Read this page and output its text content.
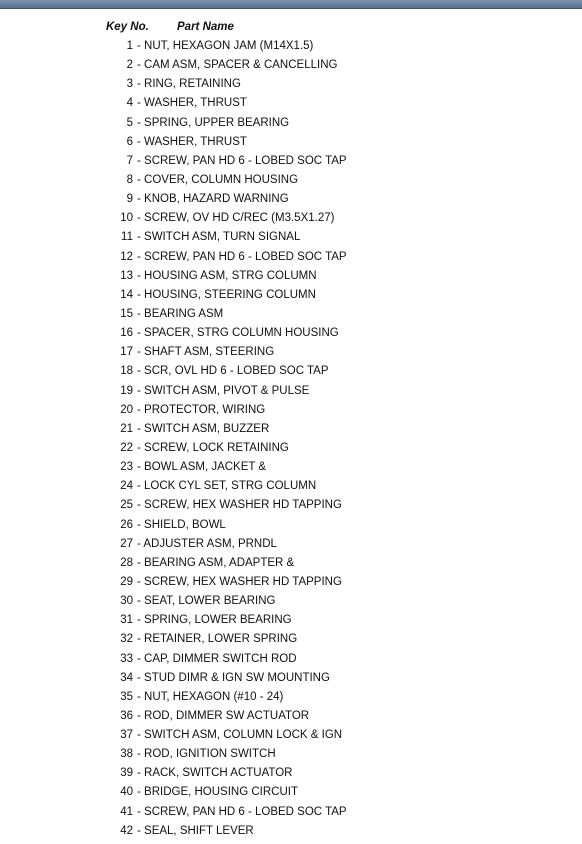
Key No. Part Name
1 - NUT, HEXAGON JAM (M14X1.5)
2 - CAM ASM, SPACER & CANCELLING
3 - RING, RETAINING
4 - WASHER, THRUST
5 - SPRING, UPPER BEARING
6 - WASHER, THRUST
7 - SCREW, PAN HD 6 - LOBED SOC TAP
8 - COVER, COLUMN HOUSING
9 - KNOB, HAZARD WARNING
10 - SCREW, OV HD C/REC (M3.5X1.27)
11 - SWITCH ASM, TURN SIGNAL
12 - SCREW, PAN HD 6 - LOBED SOC TAP
13 - HOUSING ASM, STRG COLUMN
14 - HOUSING, STEERING COLUMN
15 - BEARING ASM
16 - SPACER, STRG COLUMN HOUSING
17 - SHAFT ASM, STEERING
18 - SCR, OVL HD 6 - LOBED SOC TAP
19 - SWITCH ASM, PIVOT & PULSE
20 - PROTECTOR, WIRING
21 - SWITCH ASM, BUZZER
22 - SCREW, LOCK RETAINING
23 - BOWL ASM, JACKET &
24 - LOCK CYL SET, STRG COLUMN
25 - SCREW, HEX WASHER HD TAPPING
26 - SHIELD, BOWL
27 - ADJUSTER ASM, PRNDL
28 - BEARING ASM, ADAPTER &
29 - SCREW, HEX WASHER HD TAPPING
30 - SEAT, LOWER BEARING
31 - SPRING, LOWER BEARING
32 - RETAINER, LOWER SPRING
33 - CAP, DIMMER SWITCH ROD
34 - STUD DIMR & IGN SW MOUNTING
35 - NUT, HEXAGON (#10 - 24)
36 - ROD, DIMMER SW ACTUATOR
37 - SWITCH ASM, COLUMN LOCK & IGN
38 - ROD, IGNITION SWITCH
39 - RACK, SWITCH ACTUATOR
40 - BRIDGE, HOUSING CIRCUIT
41 - SCREW, PAN HD 6 - LOBED SOC TAP
42 - SEAL, SHIFT LEVER
